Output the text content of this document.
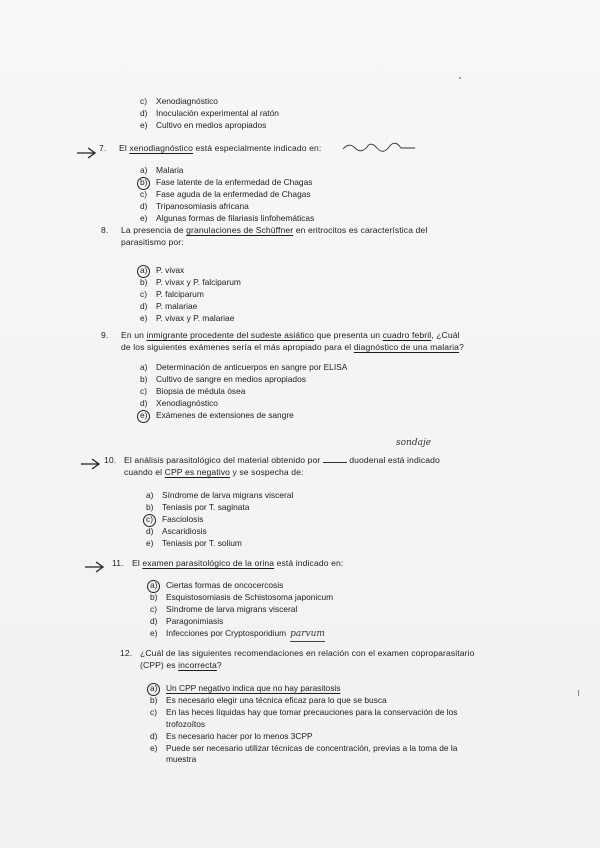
c) Xenodiagnóstico
d) Inoculación experimental al ratón
e) Cultivo en medios apropiados
7. El xenodiagnóstico está especialmente indicado en:
a) Malaria
b) Fase latente de la enfermedad de Chagas
c) Fase aguda de la enfermedad de Chagas
d) Tripanosomiasis africana
e) Algunas formas de filariasis linfohemáticas
8. La presencia de granulaciones de Schüffner en eritrocitos es característica del
parasitismo por:
a) P. vivax
b) P. vivax y P. falciparum
c) P. falciparum
d) P. malariae
e) P. vivax y P. malariae
9. En un inmigrante procedente del sudeste asiático que presenta un cuadro febril, ¿Cuál
de los siguientes exámenes sería el más apropiado para el diagnóstico de una malaria?
a) Determinación de anticuerpos en sangre por ELISA
b) Cultivo de sangre en medios apropiados
c) Biopsia de médula ósea
d) Xenodiagnóstico
e) Exámenes de extensiones de sangre
sondaje
10. El análisis parasitológico del material obtenido por	duodenal está indicado
cuando el CPP es negativo y se sospecha de:
a) Síndrome de larva migrans visceral
b) Teniasis por T. saginata
c) Fasciolosis
d) Ascaridiosis
e) Teniasis por T. solium
11. El examen parasitológico de la orina está indicado en:
a) Ciertas formas de oncocercosis
b) Esquistosomiasis de Schistosoma japonicum
c) Síndrome de larva migrans visceral
d) Paragonimiasis
e) Infecciones por Cryptosporidium parvum
12. ¿Cuál de las siguientes recomendaciones en relación con el examen coproparasitario
(CPP) es incorrecta?
a) Un CPP negativo indica que no hay parasitosis
b) Es necesario elegir una técnica eficaz para lo que se busca
c) En las heces líquidas hay que tomar precauciones para la conservación de los
trofozoítos
d) Es necesario hacer por lo menos 3CPP
e) Puede ser necesario utilizar técnicas de concentración, previas a la toma de la
muestra
